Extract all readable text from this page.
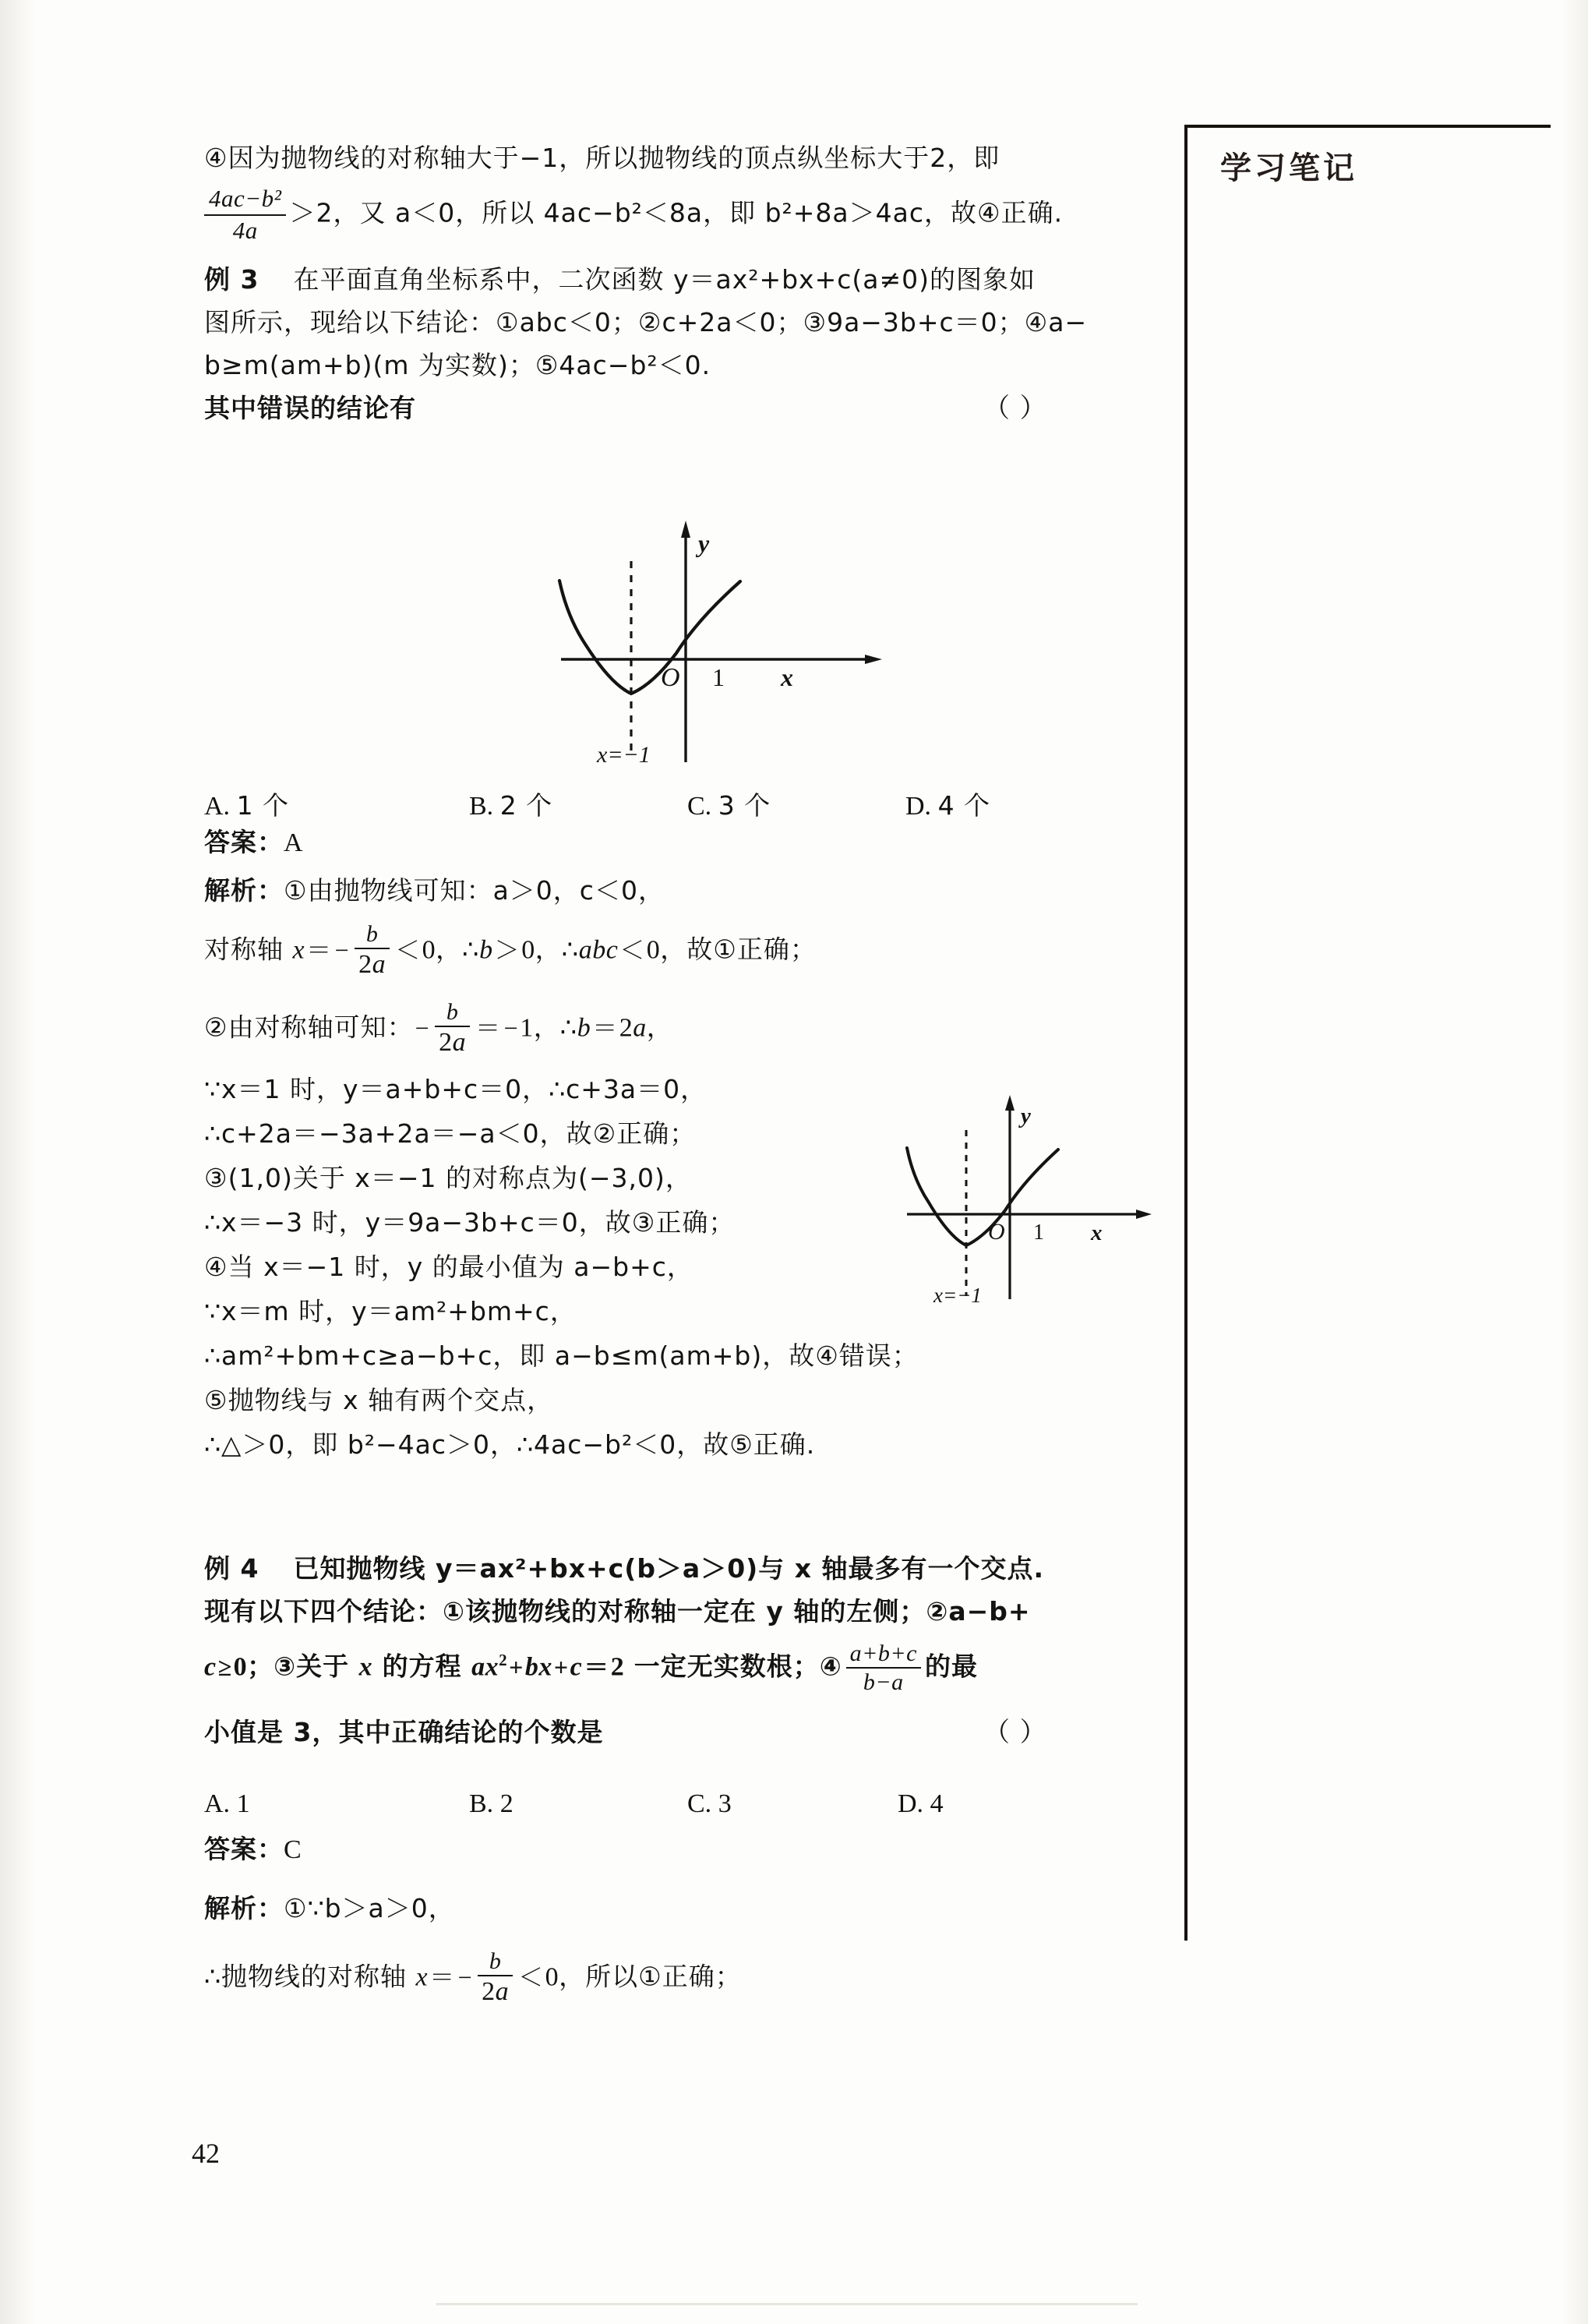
学习笔记
④因为抛物线的对称轴大于−1，所以抛物线的顶点纵坐标大于2，即
$\frac{\text{4ac−b²}}{4a} >2$，又 a＜0，所以 4ac−b²＜8a，即 b²+8a＞4ac，故④正确.
例 3 在平面直角坐标系中，二次函数 y＝ax²+bx+c(a≠0)的图象如
图所示，现给以下结论：①abc＜0；②c+2a＜0；③9a−3b+c＝0；④a−
b≥m(am+b)(m 为实数)；⑤4ac−b²＜0.
其中错误的结论有	（ ）
y
x
O 1
x=−1
A. 1 个	B. 2 个	C. 3 个	D. 4 个
答案：A
解析：①由抛物线可知：a＞0，c＜0，
对称轴 $x= - \frac{b}{2a} <0$，∴b＞0，∴abc＜0，故①正确；
②由对称轴可知：− $\frac{b}{2a} = -1$，∴b＝2a，
∵x＝1 时，y＝a+b+c＝0，∴c+3a＝0，
∴c+2a＝−3a+2a＝−a＜0，故②正确；
③(1,0)关于 x＝−1 的对称点为(−3,0)，
∴x＝−3 时，y＝9a−3b+c＝0，故③正确；
④当 x＝−1 时，y 的最小值为 a−b+c，
∵x＝m 时，y＝am²+bm+c，
∴am²+bm+c≥a−b+c，即 a−b≤m(am+b)，故④错误；
⑤抛物线与 x 轴有两个交点，
∴△＞0，即 b²−4ac＞0，∴4ac−b²＜0，故⑤正确.
y
x
O 1
x=−1
例 4 已知抛物线 y＝ax²+bx+c(b＞a＞0)与 x 轴最多有一个交点.
现有以下四个结论：①该抛物线的对称轴一定在 y 轴的左侧；②a−b+
c≥0；③关于 x 的方程 $ax^2+bx+c=2$ 一定无实数根；④ $\frac{a+b+c}{b-a}$ 的最
小值是 3，其中正确结论的个数是	（ ）
A. 1	B. 2	C. 3	D. 4
答案：C
解析：①∵b＞a＞0，
∴抛物线的对称轴 $x= - \frac{b}{2a} <0$，所以①正确；
42
